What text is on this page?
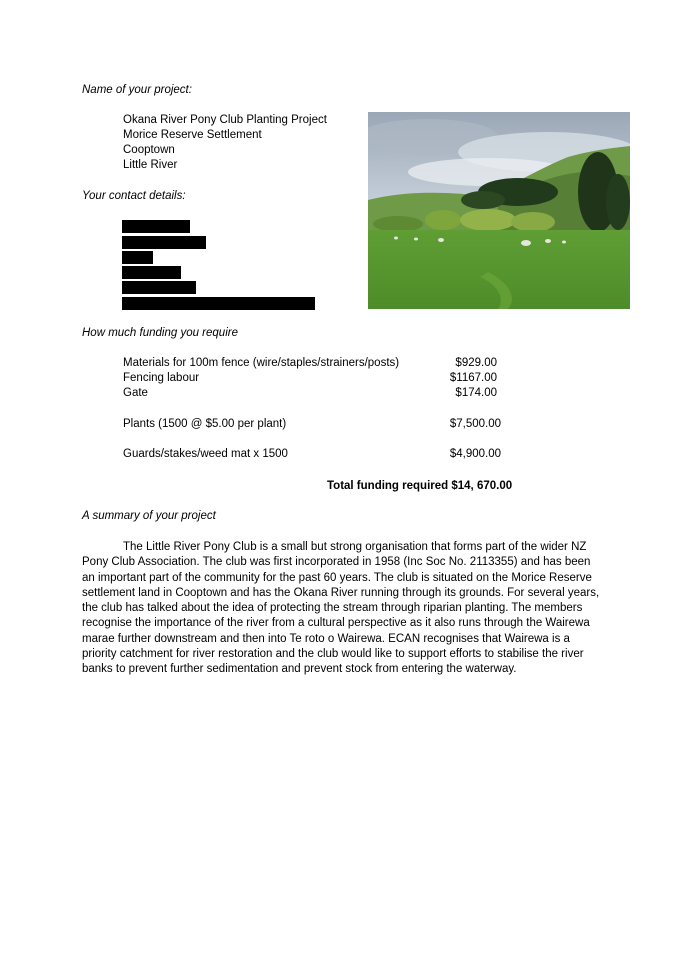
Name of your project:
Okana River Pony Club Planting Project
Morice Reserve Settlement
Cooptown
Little River
Your contact details:
How much funding you require
Materials for 100m fence (wire/staples/strainers/posts)	$929.00
Fencing labour	$1167.00
Gate	$174.00
Plants (1500 @ $5.00 per plant)	$7,500.00
Guards/stakes/weed mat x 1500	$4,900.00
Total funding required $14, 670.00
A summary of your project

The Little River Pony Club is a small but strong organisation that forms part of the wider NZ Pony Club Association. The club was first incorporated in 1958 (Inc Soc No. 2113355) and has been an important part of the community for the past 60 years. The club is situated on the Morice Reserve settlement land in Cooptown and has the Okana River running through its grounds. For several years, the club has talked about the idea of protecting the stream through riparian planting. The members recognise the importance of the river from a cultural perspective as it also runs through the Wairewa marae further downstream and then into Te roto o Wairewa. ECAN recognises that Wairewa is a priority catchment for river restoration and the club would like to support efforts to stabilise the river banks to prevent further sedimentation and prevent stock from entering the waterway.
